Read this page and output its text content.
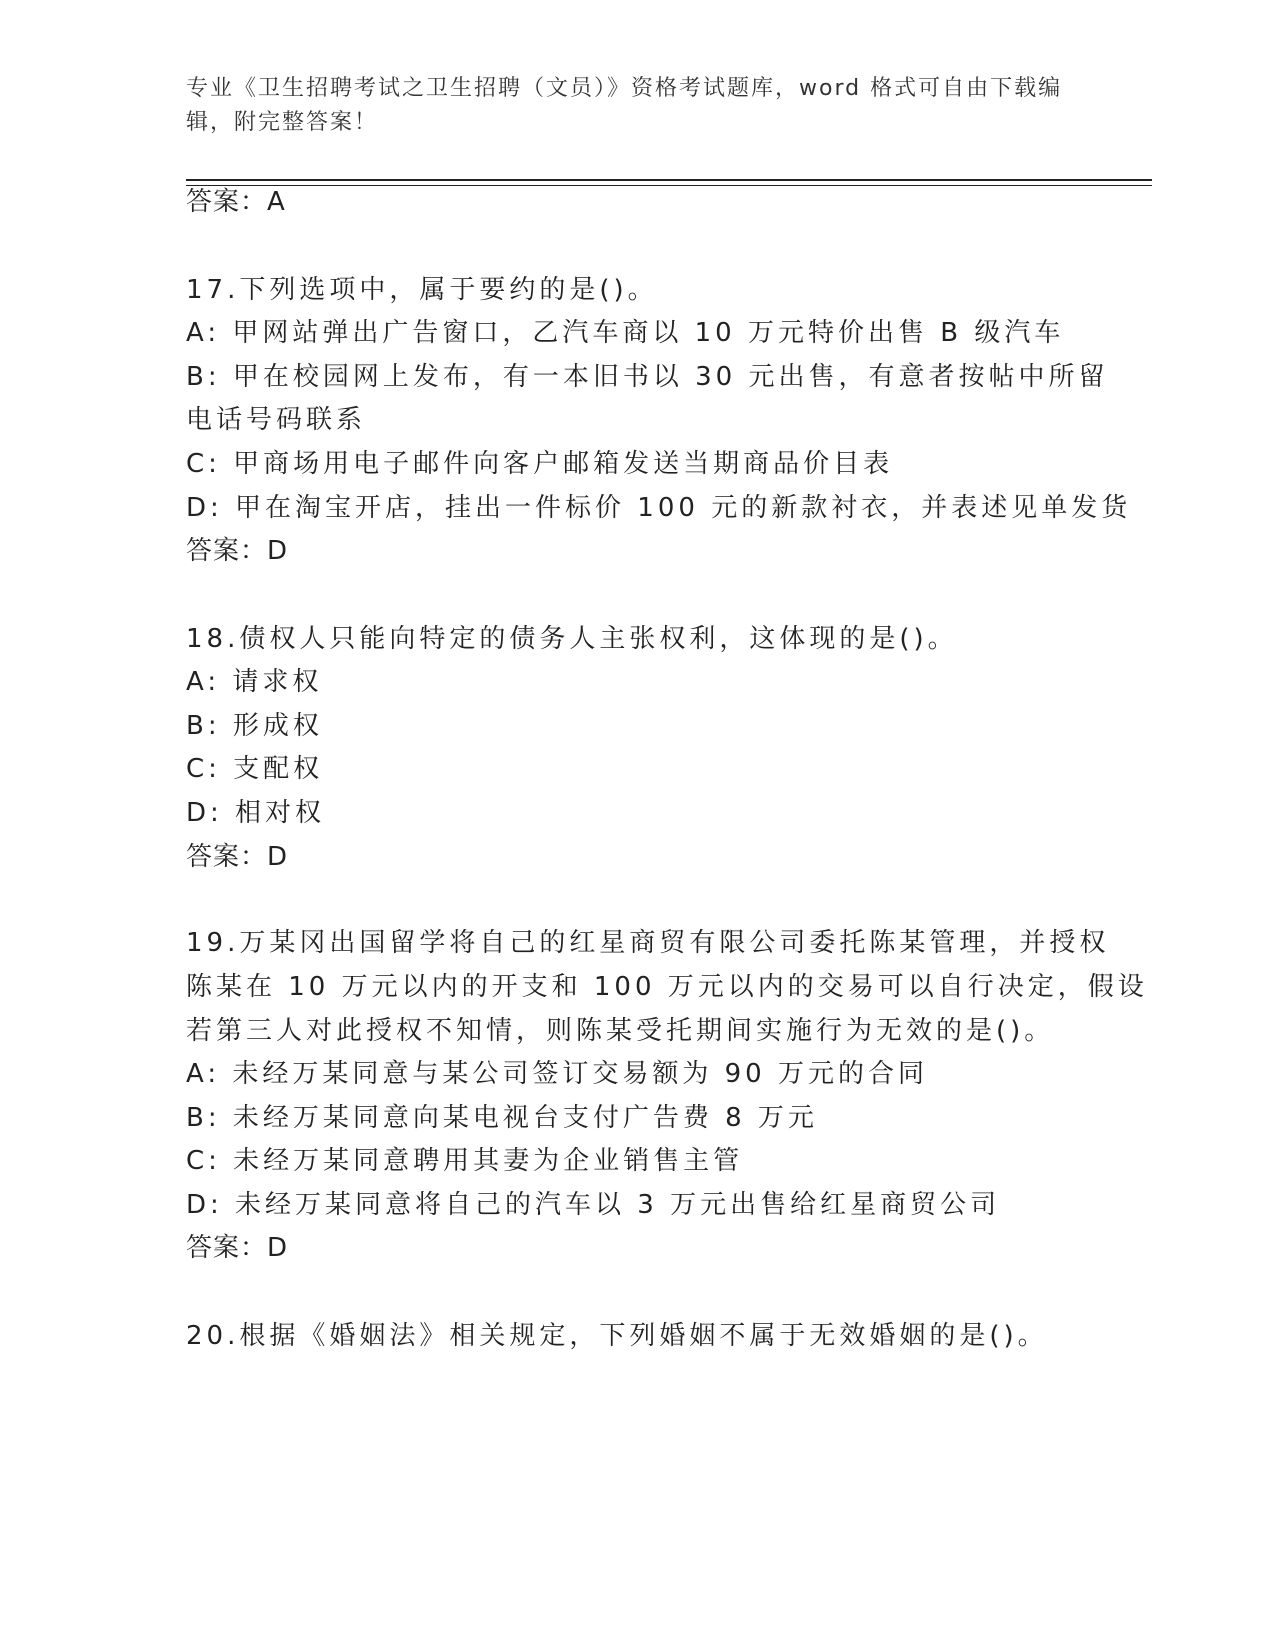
专业《卫生招聘考试之卫生招聘（文员）》资格考试题库，word 格式可自由下载编辑，附完整答案！
答案：A
17.下列选项中，属于要约的是()。
A: 甲网站弹出广告窗口，乙汽车商以 10 万元特价出售 B 级汽车
B: 甲在校园网上发布，有一本旧书以 30 元出售，有意者按帖中所留
电话号码联系
C: 甲商场用电子邮件向客户邮箱发送当期商品价目表
D: 甲在淘宝开店，挂出一件标价 100 元的新款衬衣，并表述见单发货
答案：D
18.债权人只能向特定的债务人主张权利，这体现的是()。
A: 请求权
B: 形成权
C: 支配权
D: 相对权
答案：D
19.万某冈出国留学将自己的红星商贸有限公司委托陈某管理，并授权
陈某在 10 万元以内的开支和 100 万元以内的交易可以自行决定，假设
若第三人对此授权不知情，则陈某受托期间实施行为无效的是()。
A: 未经万某同意与某公司签订交易额为 90 万元的合同
B: 未经万某同意向某电视台支付广告费 8 万元
C: 未经万某同意聘用其妻为企业销售主管
D: 未经万某同意将自己的汽车以 3 万元出售给红星商贸公司
答案：D
20.根据《婚姻法》相关规定，下列婚姻不属于无效婚姻的是()。
